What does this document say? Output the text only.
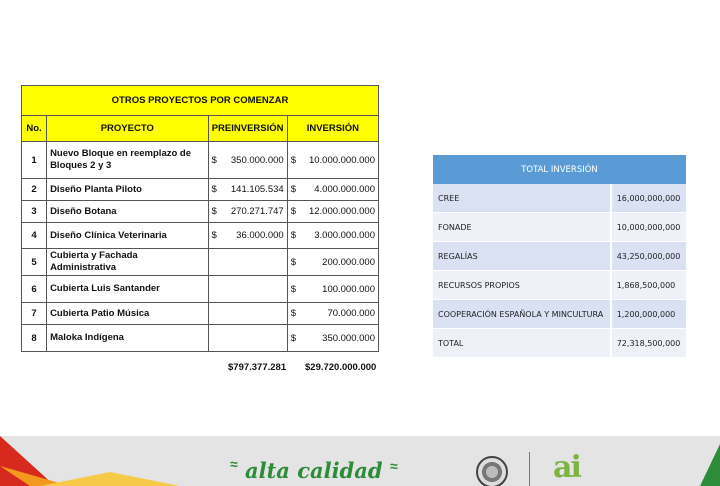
OTROS PROYECTOS POR COMENZAR			
No.	PROYECTO	PREINVERSIÓN	INVERSIÓN
1	Nuevo Bloque en reemplazo de Bloques 2 y 3	$ 350.000.000	$ 10.000.000.000

2	Diseño Planta Piloto	$ 141.105.534	$ 4.000.000.000

3	Diseño Botana	$ 270.271.747	$ 12.000.000.000

4	Diseño Clínica Veterinaria	$ 36.000.000	$ 3.000.000.000

5	Cubierta y Fachada Administrativa		$ 200.000.000

6	Cubierta Luis Santander		$ 100.000.000

7	Cubierta Patio Música		$ 70.000.000

8	Maloka Indígena		$ 350.000.000
$797.377.281 $29.720.000.000
TOTAL INVERSIÓN	
CREE	16,000,000,000
FONADE	10,000,000,000
REGALÍAS	43,250,000,000
RECURSOS PROPIOS	1,868,500,000
COOPERACIÓN ESPAÑOLA Y MINCULTURA	1,200,000,000
TOTAL	72,318,500,000
≈ alta calidad ≈	ai
